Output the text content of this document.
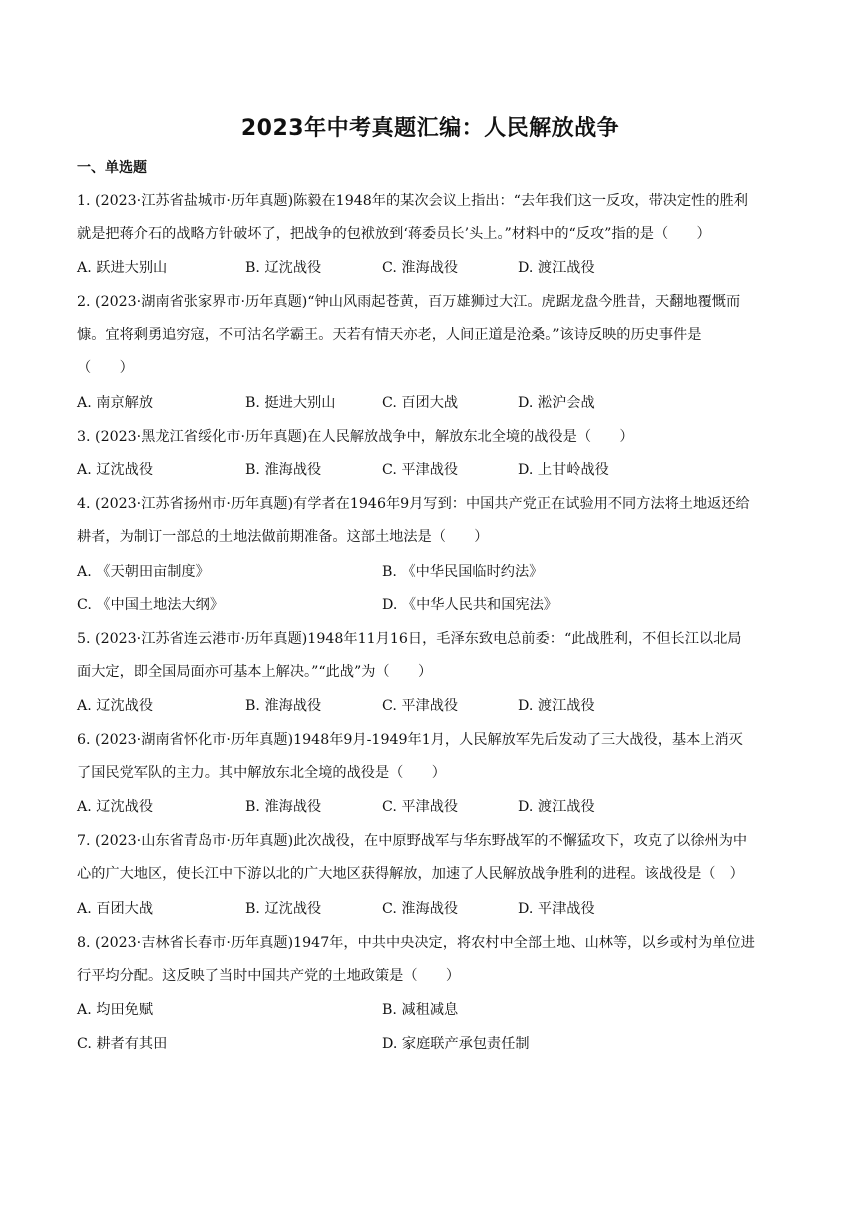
2023年中考真题汇编：人民解放战争
一、单选题
1. (2023·江苏省盐城市·历年真题)陈毅在1948年的某次会议上指出：“去年我们这一反攻，带决定性的胜利
就是把蒋介石的战略方针破坏了，把战争的包袱放到‘蒋委员长’头上。”材料中的“反攻”指的是（　　）
A. 跃进大别山	B. 辽沈战役	C. 淮海战役	D. 渡江战役
2. (2023·湖南省张家界市·历年真题)“钟山风雨起苍黄，百万雄狮过大江。虎踞龙盘今胜昔，天翻地覆慨而
慷。宜将剩勇追穷寇，不可沽名学霸王。天若有情天亦老，人间正道是沧桑。”该诗反映的历史事件是
（　　）
A. 南京解放	B. 挺进大别山	C. 百团大战	D. 淞沪会战
3. (2023·黑龙江省绥化市·历年真题)在人民解放战争中，解放东北全境的战役是（　　）
A. 辽沈战役	B. 淮海战役	C. 平津战役	D. 上甘岭战役
4. (2023·江苏省扬州市·历年真题)有学者在1946年9月写到：中国共产党正在试验用不同方法将土地返还给
耕者，为制订一部总的土地法做前期准备。这部土地法是（　　）
A. 《天朝田亩制度》	B. 《中华民国临时约法》
C. 《中国土地法大纲》	D. 《中华人民共和国宪法》
5. (2023·江苏省连云港市·历年真题)1948年11月16日，毛泽东致电总前委：“此战胜利，不但长江以北局
面大定，即全国局面亦可基本上解决。”“此战”为（　　）
A. 辽沈战役	B. 淮海战役	C. 平津战役	D. 渡江战役
6. (2023·湖南省怀化市·历年真题)1948年9月-1949年1月，人民解放军先后发动了三大战役，基本上消灭
了国民党军队的主力。其中解放东北全境的战役是（　　）
A. 辽沈战役	B. 淮海战役	C. 平津战役	D. 渡江战役
7. (2023·山东省青岛市·历年真题)此次战役，在中原野战军与华东野战军的不懈猛攻下，攻克了以徐州为中
心的广大地区，使长江中下游以北的广大地区获得解放，加速了人民解放战争胜利的进程。该战役是（　）
A. 百团大战	B. 辽沈战役	C. 淮海战役	D. 平津战役
8. (2023·吉林省长春市·历年真题)1947年，中共中央决定，将农村中全部土地、山林等，以乡或村为单位进
行平均分配。这反映了当时中国共产党的土地政策是（　　）
A. 均田免赋	B. 减租减息
C. 耕者有其田	D. 家庭联产承包责任制
